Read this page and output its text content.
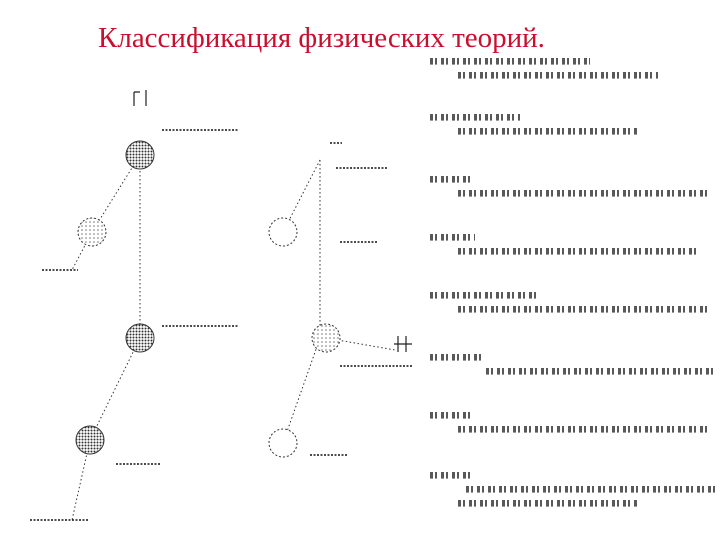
Классификация физических теорий.
